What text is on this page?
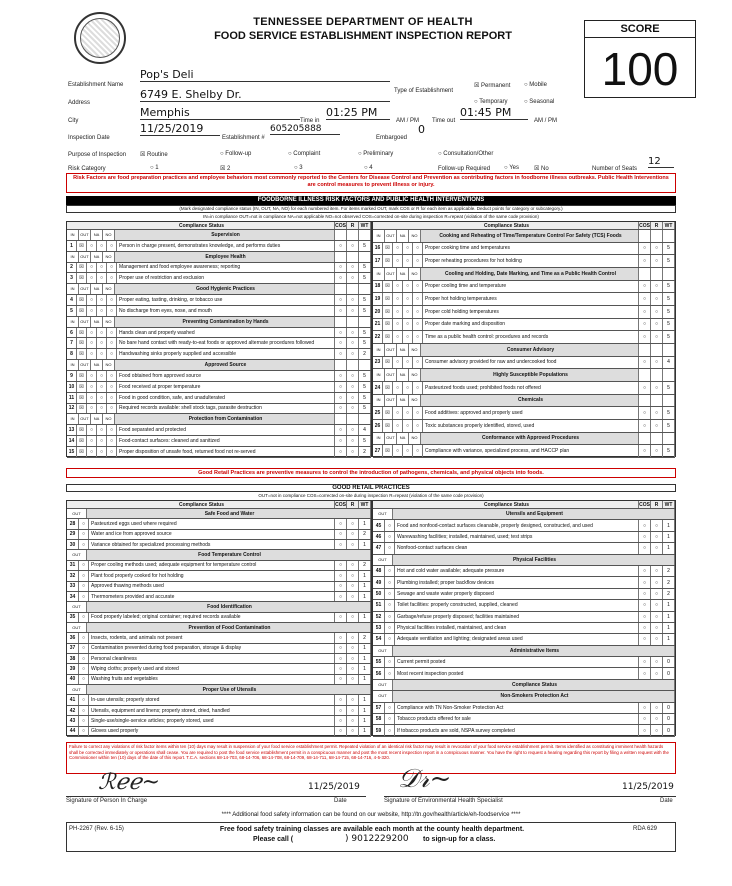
TENNESSEE DEPARTMENT OF HEALTH
FOOD SERVICE ESTABLISHMENT INSPECTION REPORT
SCORE
100
Establishment Name
Pop's Deli
Address
6749 E. Shelby Dr.
City
Memphis
Inspection Date
11/25/2019
Establishment #
605205888
Type of Establishment
☒ Permanent ○ Mobile
○ Temporary	○ Seasonal
Time in
01:25 PM
AM / PM Time out
01:45 PM
AM / PM
Embargoed
0
Purpose of Inspection ☒ Routine	○ Follow-up	○ Complaint	○ Preliminary	○ Consultation/Other
Risk Category	○ 1	☒ 2	○ 3	○ 4	Follow-up Required ○ Yes	☒ No	Number of Seats
12
Risk Factors are food preparation practices and employee behaviors most commonly reported to the Centers for Disease Control and Prevention as contributing factors in foodborne illness outbreaks. Public Health Interventions are control measures to prevent illness or injury.
FOODBORNE ILLNESS RISK FACTORS AND PUBLIC HEALTH INTERVENTIONS
(Mark designated compliance status (IN, OUT, NA, NO) for each numbered item. For items marked OUT, mark COS or R for each item as applicable. Deduct points for category or subcategory.)
IN=in compliance OUT=not in compliance NA=not applicable NO=not observed COS=corrected on-site during inspection R=repeat (violation of the same code provision)
Compliance Status	COS R	WT
IN	OUT	NA	NO	Supervision
1	☒	○	○	○	Person in charge present, demonstrates knowledge, and performs duties	○	○	5
IN	OUT	NA	NO	Employee Health
2	☒	○	○	○	Management and food employee awareness; reporting	○	○	5
3	☒	○	○	○	Proper use of restriction and exclusion	○	○	5
IN	OUT	NA	NO	Good Hygienic Practices
4	☒	○	○	○	Proper eating, tasting, drinking, or tobacco use	○	○	5
5	☒	○	○	○	No discharge from eyes, nose, and mouth	○	○	5
IN	OUT	NA	NO	Preventing Contamination by Hands
6	☒	○	○	○	Hands clean and properly washed	○	○	5
7	☒	○	○	○	No bare hand contact with ready-to-eat foods or approved alternate procedures followed	○	○	5
8	☒	○	○	○	Handwashing sinks properly supplied and accessible	○	○	2
IN	OUT	NA	NO	Approved Source
9	☒	○	○	○	Food obtained from approved source	○	○	5
10 ☒	○	○	○	Food received at proper temperature	○	○	5
11	☒	○	○	○	Food in good condition, safe, and unadulterated	○	○	5
12 ☒	○	○	○	Required records available: shell stock tags, parasite destruction	○	○	5
IN	OUT	NA	NO	Protection from Contamination
13 ☒	○	○	○	Food separated and protected	○	○	4
14 ☒	○	○	○	Food-contact surfaces: cleaned and sanitized	○	○	5
15 ☒	○	○	○	Proper disposition of unsafe food, returned food not re-served	○	○	2
Compliance Status	COS R	WT
IN	OUT	NA	NO	Cooking and Reheating of Time/Temperature Control For Safety (TCS) Foods
16 ☒	○	○	○	Proper cooking time and temperatures	○	○	5
17 ☒	○	○	○	Proper reheating procedures for hot holding	○	○	5
IN	OUT	NA	NO	Cooling and Holding, Date Marking, and Time as a Public Health Control
18 ☒	○	○	○	Proper cooling time and temperature	○	○	5
19 ☒	○	○	○	Proper hot holding temperatures	○	○	5
20 ☒	○	○	○	Proper cold holding temperatures	○	○	5
21 ☒	○	○	○	Proper date marking and disposition	○	○	5
22 ☒	○	○	○	Time as a public health control: procedures and records	○	○	5
IN	OUT	NA	NO	Consumer Advisory
23 ☒	○	○	○	Consumer advisory provided for raw and undercooked food	○	○	4
IN	OUT	NA	NO	Highly Susceptible Populations
24 ☒	○	○	○	Pasteurized foods used; prohibited foods not offered	○	○	5
IN	OUT	NA	NO	Chemicals
25 ☒	○	○	○	Food additives: approved and properly used	○	○	5
26 ☒	○	○	○	Toxic substances properly identified, stored, used	○	○	5
IN	OUT	NA	NO	Conformance with Approved Procedures
27 ☒	○	○	○	Compliance with variance, specialized process, and HACCP plan	○	○	5
Good Retail Practices are preventive measures to control the introduction of pathogens, chemicals, and physical objects into foods.
GOOD RETAIL PRACTICES
OUT=not in compliance COS=corrected on-site during inspection R=repeat (violation of the same code provision)
Compliance Status	COS R	WT
OUT	Safe Food and Water
28	○	Pasteurized eggs used where required	○	○	1
29	○	Water and ice from approved source	○	○	2
30	○	Variance obtained for specialized processing methods	○	○	1
OUT	Food Temperature Control
31	○	Proper cooling methods used; adequate equipment for temperature control	○	○	2
32	○	Plant food properly cooked for hot holding	○	○	1
33	○	Approved thawing methods used	○	○	1
34	○	Thermometers provided and accurate	○	○	1
OUT	Food Identification
35	○	Food properly labeled; original container; required records available	○	○	1
OUT	Prevention of Food Contamination
36	○	Insects, rodents, and animals not present	○	○	2
37	○	Contamination prevented during food preparation, storage & display	○	○	1
38	○	Personal cleanliness	○	○	1
39	○	Wiping cloths; properly used and stored	○	○	1
40	○	Washing fruits and vegetables	○	○	1
OUT	Proper Use of Utensils
41	○	In-use utensils; properly stored	○	○	1
42	○	Utensils, equipment and linens; properly stored, dried, handled	○	○	1
43	○	Single-use/single-service articles; properly stored, used	○	○	1
44	○	Gloves used properly	○	○	1
Compliance Status	COS R	WT
OUT	Utensils and Equipment
45	○	Food and nonfood-contact surfaces cleanable, properly designed, constructed, and used	○	○	1
46	○	Warewashing facilities; installed, maintained, used; test strips	○	○	1
47	○	Nonfood-contact surfaces clean	○	○	1
OUT	Physical Facilities
48	○	Hot and cold water available; adequate pressure	○	○	2
49	○	Plumbing installed; proper backflow devices	○	○	2
50	○	Sewage and waste water properly disposed	○	○	2
51	○	Toilet facilities: properly constructed, supplied, cleaned	○	○	1
52	○	Garbage/refuse properly disposed; facilities maintained	○	○	1
53	○	Physical facilities installed, maintained, and clean	○	○	1
54	○	Adequate ventilation and lighting; designated areas used	○	○	1
OUT	Administrative Items
55	○	Current permit posted	○	○	0
56	○	Most recent inspection posted	○	○	0
OUT	Compliance Status
OUT	Non-Smokers Protection Act
57	○	Compliance with TN Non-Smoker Protection Act	○	○	0
58	○	Tobacco products offered for sale	○	○	0
59	○	If tobacco products are sold, NSPA survey completed	○	○	0
Failure to correct any violations of risk factor items within ten (10) days may result in suspension of your food service establishment permit. Repeated violation of an identical risk factor may result in revocation of your food service establishment permit. Items identified as constituting imminent health hazards shall be corrected immediately or operations shall cease. You are required to post the food service establishment permit in a conspicuous manner and post the most recent inspection report in a conspicuous manner. You have the right to request a hearing regarding this report by filing a written request with the Commissioner within ten (10) days of the date of this report. T.C.A. sections 68-14-703, 68-14-706, 68-14-708, 68-14-709, 68-14-711, 68-14-715, 68-14-716, 4-5-320.
ℛℯℯ~	11/25/2019
Signature of Person In Charge	Date
𝒟𝓇~	11/25/2019
Signature of Environmental Health Specialist	Date
**** Additional food safety information can be found on our website, http://tn.gov/health/article/eh-foodservice ****
PH-2267 (Rev. 6-15)	RDA 629
Free food safety training classes are available each month at the county health department.
Please call (	) 9012229200 to sign-up for a class.
